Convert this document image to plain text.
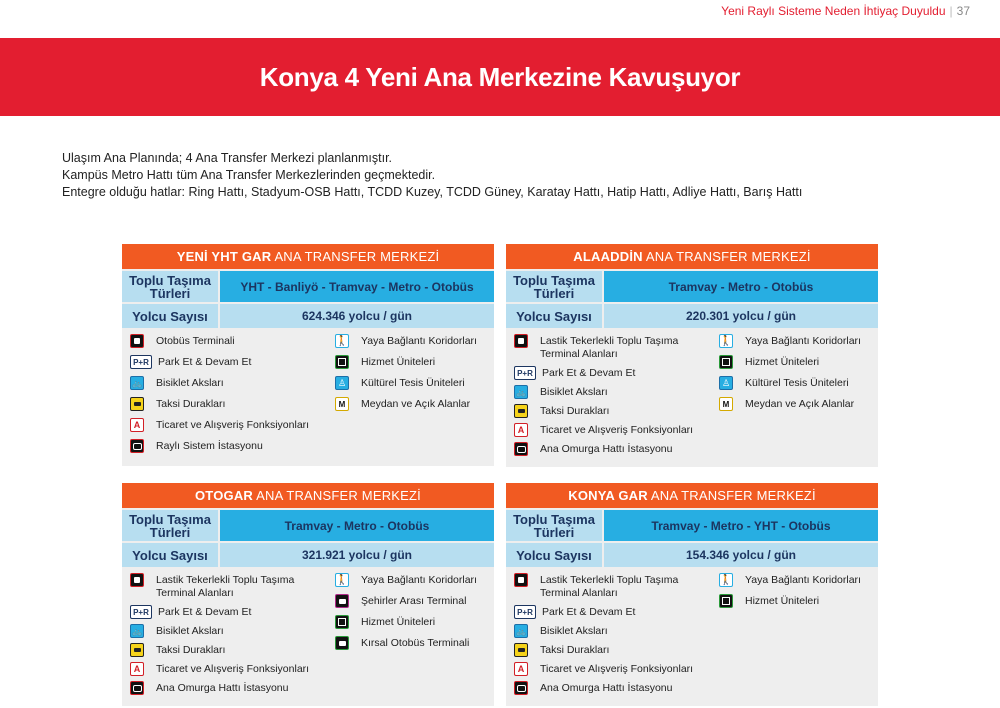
Yeni Raylı Sisteme Neden İhtiyaç Duyuldu | 37
Konya 4 Yeni Ana Merkezine Kavuşuyor
Ulaşım Ana Planında; 4 Ana Transfer Merkezi planlanmıştır.
Kampüs Metro Hattı tüm Ana Transfer Merkezlerinden geçmektedir.
Entegre olduğu hatlar: Ring Hattı, Stadyum-OSB Hattı, TCDD Kuzey, TCDD Güney, Karatay Hattı, Hatip Hattı, Adliye Hattı, Barış Hattı
YENİ YHT GAR ANA TRANSFER MERKEZİ
Toplu Taşıma Türleri	YHT - Banliyö - Tramvay - Metro - Otobüs
Yolcu Sayısı	624.346 yolcu / gün
Otobüs Terminali
P+R Park Et & Devam Et
🚲 Bisiklet Aksları
Taksi Durakları
A	Ticaret ve Alışveriş Fonksiyonları
Raylı Sistem İstasyonu
🚶 Yaya Bağlantı Koridorları
Hizmet Üniteleri
♙ Kültürel Tesis Üniteleri
M	Meydan ve Açık Alanlar
ALAADDİN ANA TRANSFER MERKEZİ
Toplu Taşıma Türleri	Tramvay - Metro - Otobüs
Yolcu Sayısı	220.301 yolcu / gün
Lastik Tekerlekli Toplu Taşıma Terminal Alanları
P+R Park Et & Devam Et
🚲 Bisiklet Aksları
Taksi Durakları
A	Ticaret ve Alışveriş Fonksiyonları
Ana Omurga Hattı İstasyonu
🚶 Yaya Bağlantı Koridorları
Hizmet Üniteleri
♙ Kültürel Tesis Üniteleri
M	Meydan ve Açık Alanlar
OTOGAR ANA TRANSFER MERKEZİ
Toplu Taşıma Türleri	Tramvay - Metro - Otobüs
Yolcu Sayısı	321.921 yolcu / gün
Lastik Tekerlekli Toplu Taşıma Terminal Alanları
P+R Park Et & Devam Et
🚲 Bisiklet Aksları
Taksi Durakları
A	Ticaret ve Alışveriş Fonksiyonları
Ana Omurga Hattı İstasyonu
🚶 Yaya Bağlantı Koridorları
Şehirler Arası Terminal
Hizmet Üniteleri
Kırsal Otobüs Terminali
KONYA GAR ANA TRANSFER MERKEZİ
Toplu Taşıma Türleri	Tramvay - Metro - YHT - Otobüs
Yolcu Sayısı	154.346 yolcu / gün
Lastik Tekerlekli Toplu Taşıma Terminal Alanları
P+R Park Et & Devam Et
🚲 Bisiklet Aksları
Taksi Durakları
A	Ticaret ve Alışveriş Fonksiyonları
Ana Omurga Hattı İstasyonu
🚶 Yaya Bağlantı Koridorları
Hizmet Üniteleri
